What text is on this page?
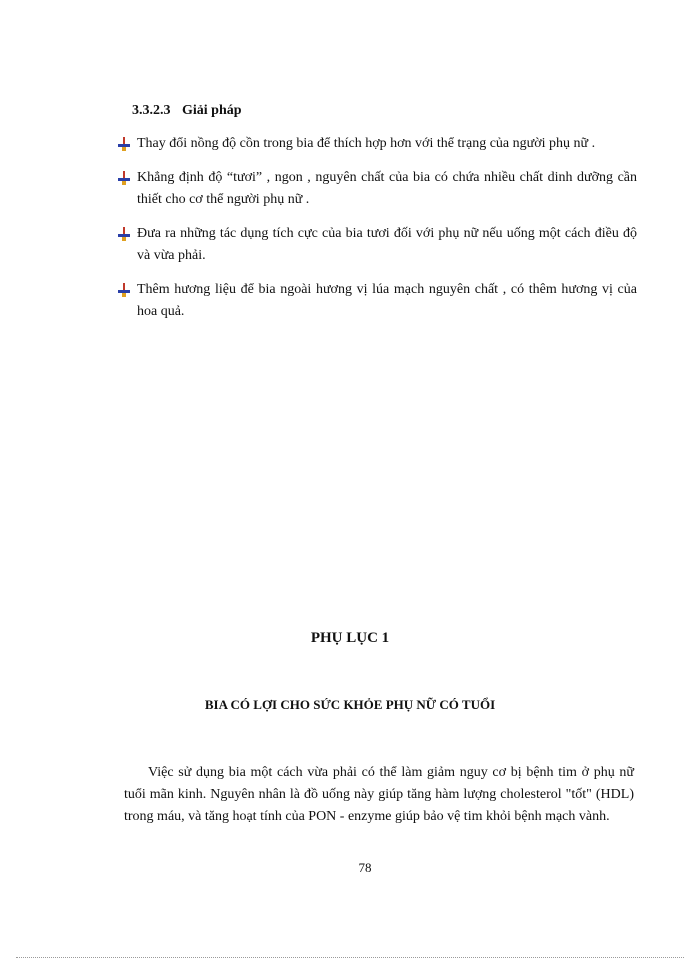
3.3.2.3 Giải pháp
Thay đổi nồng độ cồn trong bia để thích hợp hơn với thể trạng của người phụ nữ .
Khẳng định độ “tươi” , ngon , nguyên chất của bia có chứa nhiều chất dinh dưỡng cần thiết cho cơ thể người phụ nữ .
Đưa ra những tác dụng tích cực của bia tươi đối với phụ nữ nếu uống một cách điều độ và vừa phải.
Thêm hương liệu để bia ngoài hương vị lúa mạch nguyên chất , có thêm hương vị của hoa quả.
PHỤ LỤC 1
BIA CÓ LỢI CHO SỨC KHỎE PHỤ NỮ CÓ TUỔI

Việc sử dụng bia một cách vừa phải có thể làm giảm nguy cơ bị bệnh tim ở phụ nữ tuổi mãn kinh. Nguyên nhân là đồ uống này giúp tăng hàm lượng cholesterol "tốt" (HDL) trong máu, và tăng hoạt tính của PON - enzyme giúp bảo vệ tim khỏi bệnh mạch vành.

78
